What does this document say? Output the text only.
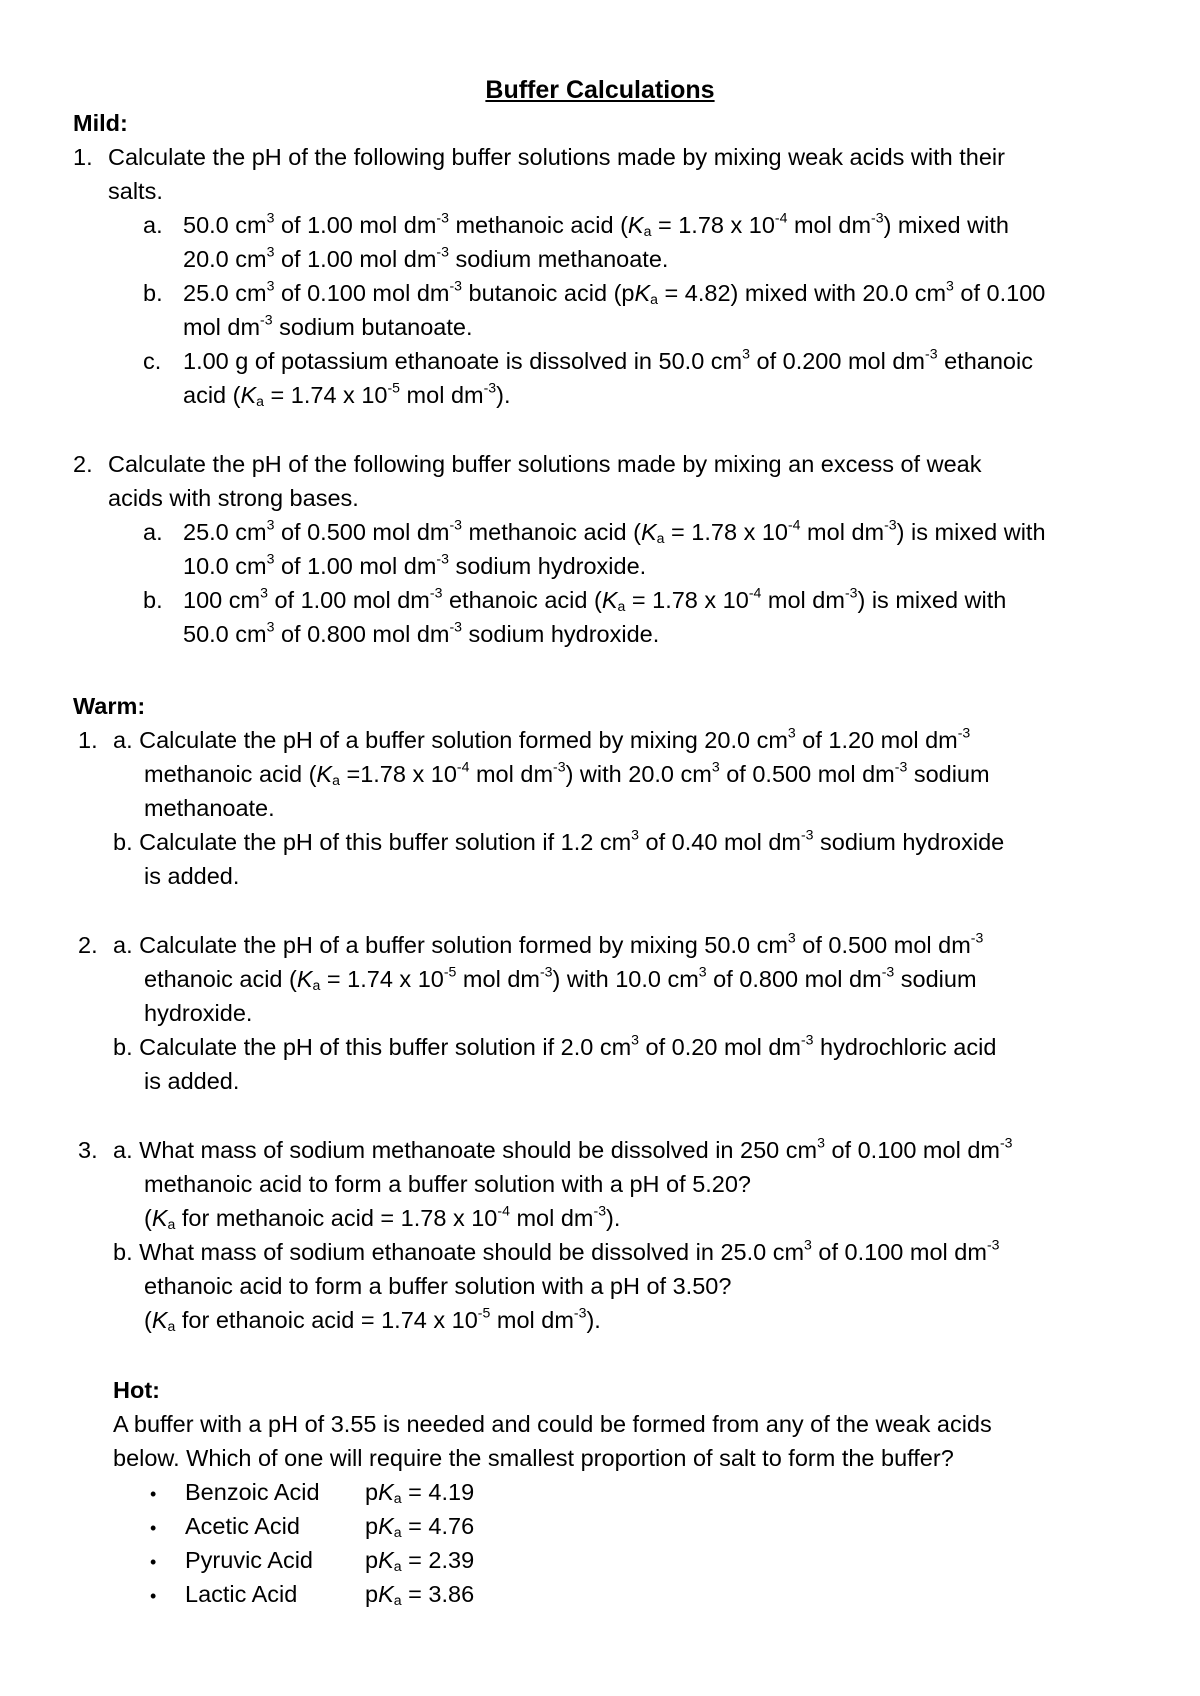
Buffer Calculations
Mild:
1. Calculate the pH of the following buffer solutions made by mixing weak acids with their
salts.
a. 50.0 $cm^3$ of 1.00 mol $dm^{-3}$ methanoic acid ($K_a = 1.78$ x $10^{-4}$ mol $dm^{-3}$) mixed with
20.0 $cm^3$ of 1.00 mol $dm^{-3}$ sodium methanoate.
b. 25.0 $cm^3$ of 0.100 mol $dm^{-3}$ butanoic acid $(pK_a = 4.82)$ mixed with 20.0 $cm^3$ of 0.100
mol $dm^{-3}$ sodium butanoate.
c. 1.00 g of potassium ethanoate is dissolved in 50.0 $cm^3$ of 0.200 mol $dm^{-3}$ ethanoic
acid ($K_a = 1.74$ x $10^{-5}$ mol $dm^{-3}$).
2. Calculate the pH of the following buffer solutions made by mixing an excess of weak
acids with strong bases.
a. 25.0 $cm^3$ of 0.500 mol $dm^{-3}$ methanoic acid ($K_a = 1.78$ x $10^{-4}$ mol $dm^{-3}$) is mixed with
10.0 $cm^3$ of 1.00 mol $dm^{-3}$ sodium hydroxide.
b. 100 $cm^3$ of 1.00 mol $dm^{-3}$ ethanoic acid ($K_a = 1.78$ x $10^{-4}$ mol $dm^{-3}$) is mixed with
50.0 $cm^3$ of 0.800 mol $dm^{-3}$ sodium hydroxide.
Warm:
1. a. Calculate the pH of a buffer solution formed by mixing 20.0 $cm^3$ of 1.20 mol $dm^{-3}$
methanoic acid ($K_a =1.78$ x $10^{-4}$ mol $dm^{-3}$) with 20.0 $cm^3$ of 0.500 mol $dm^{-3}$ sodium
methanoate.
b. Calculate the pH of this buffer solution if 1.2 $cm^3$ of 0.40 mol $dm^{-3}$ sodium hydroxide
is added.
2. a. Calculate the pH of a buffer solution formed by mixing 50.0 $cm^3$ of 0.500 mol $dm^{-3}$
ethanoic acid ($K_a = 1.74$ x $10^{-5}$ mol $dm^{-3}$) with 10.0 $cm^3$ of 0.800 mol $dm^{-3}$ sodium
hydroxide.
b. Calculate the pH of this buffer solution if 2.0 $cm^3$ of 0.20 mol $dm^{-3}$ hydrochloric acid
is added.
3. a. What mass of sodium methanoate should be dissolved in 250 $cm^3$ of 0.100 mol $dm^{-3}$
methanoic acid to form a buffer solution with a pH of 5.20?
($K_a$ for methanoic acid = 1.78 x $10^{-4}$ mol $dm^{-3}$).
b. What mass of sodium ethanoate should be dissolved in 25.0 $cm^3$ of 0.100 mol $dm^{-3}$
ethanoic acid to form a buffer solution with a pH of 3.50?
($K_a$ for ethanoic acid = 1.74 x $10^{-5}$ mol $dm^{-3}$).
Hot:
A buffer with a pH of 3.55 is needed and could be formed from any of the weak acids
below. Which of one will require the smallest proportion of salt to form the buffer?
• Benzoic Acid $pK_a = 4.19$
• Acetic Acid	$pK_a = 4.76$
• Pyruvic Acid $pK_a = 2.39$
• Lactic Acid	$pK_a = 3.86$
